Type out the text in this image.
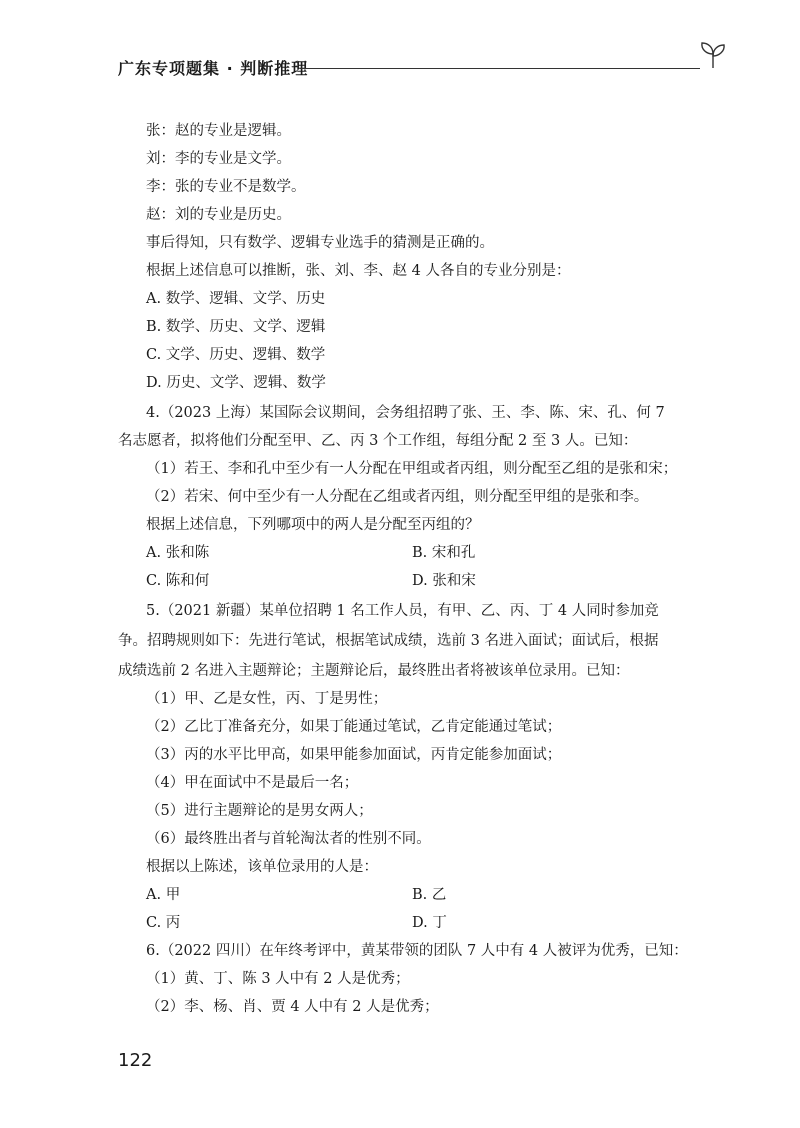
广东专项题集 · 判断推理
张：赵的专业是逻辑。
刘：李的专业是文学。
李：张的专业不是数学。
赵：刘的专业是历史。
事后得知，只有数学、逻辑专业选手的猜测是正确的。
根据上述信息可以推断，张、刘、李、赵 4 人各自的专业分别是：
A. 数学、逻辑、文学、历史
B. 数学、历史、文学、逻辑
C. 文学、历史、逻辑、数学
D. 历史、文学、逻辑、数学
4.（2023 上海）某国际会议期间，会务组招聘了张、王、李、陈、宋、孔、何 7
名志愿者，拟将他们分配至甲、乙、丙 3 个工作组，每组分配 2 至 3 人。已知：
（1）若王、李和孔中至少有一人分配在甲组或者丙组，则分配至乙组的是张和宋；
（2）若宋、何中至少有一人分配在乙组或者丙组，则分配至甲组的是张和李。
根据上述信息，下列哪项中的两人是分配至丙组的？
A. 张和陈	B. 宋和孔
C. 陈和何	D. 张和宋
5.（2021 新疆）某单位招聘 1 名工作人员，有甲、乙、丙、丁 4 人同时参加竞
争。招聘规则如下：先进行笔试，根据笔试成绩，选前 3 名进入面试；面试后，根据
成绩选前 2 名进入主题辩论；主题辩论后，最终胜出者将被该单位录用。已知：
（1）甲、乙是女性，丙、丁是男性；
（2）乙比丁准备充分，如果丁能通过笔试，乙肯定能通过笔试；
（3）丙的水平比甲高，如果甲能参加面试，丙肯定能参加面试；
（4）甲在面试中不是最后一名；
（5）进行主题辩论的是男女两人；
（6）最终胜出者与首轮淘汰者的性别不同。
根据以上陈述，该单位录用的人是：
A. 甲	B. 乙
C. 丙	D. 丁
6.（2022 四川）在年终考评中，黄某带领的团队 7 人中有 4 人被评为优秀，已知：
（1）黄、丁、陈 3 人中有 2 人是优秀；
（2）李、杨、肖、贾 4 人中有 2 人是优秀；
122
